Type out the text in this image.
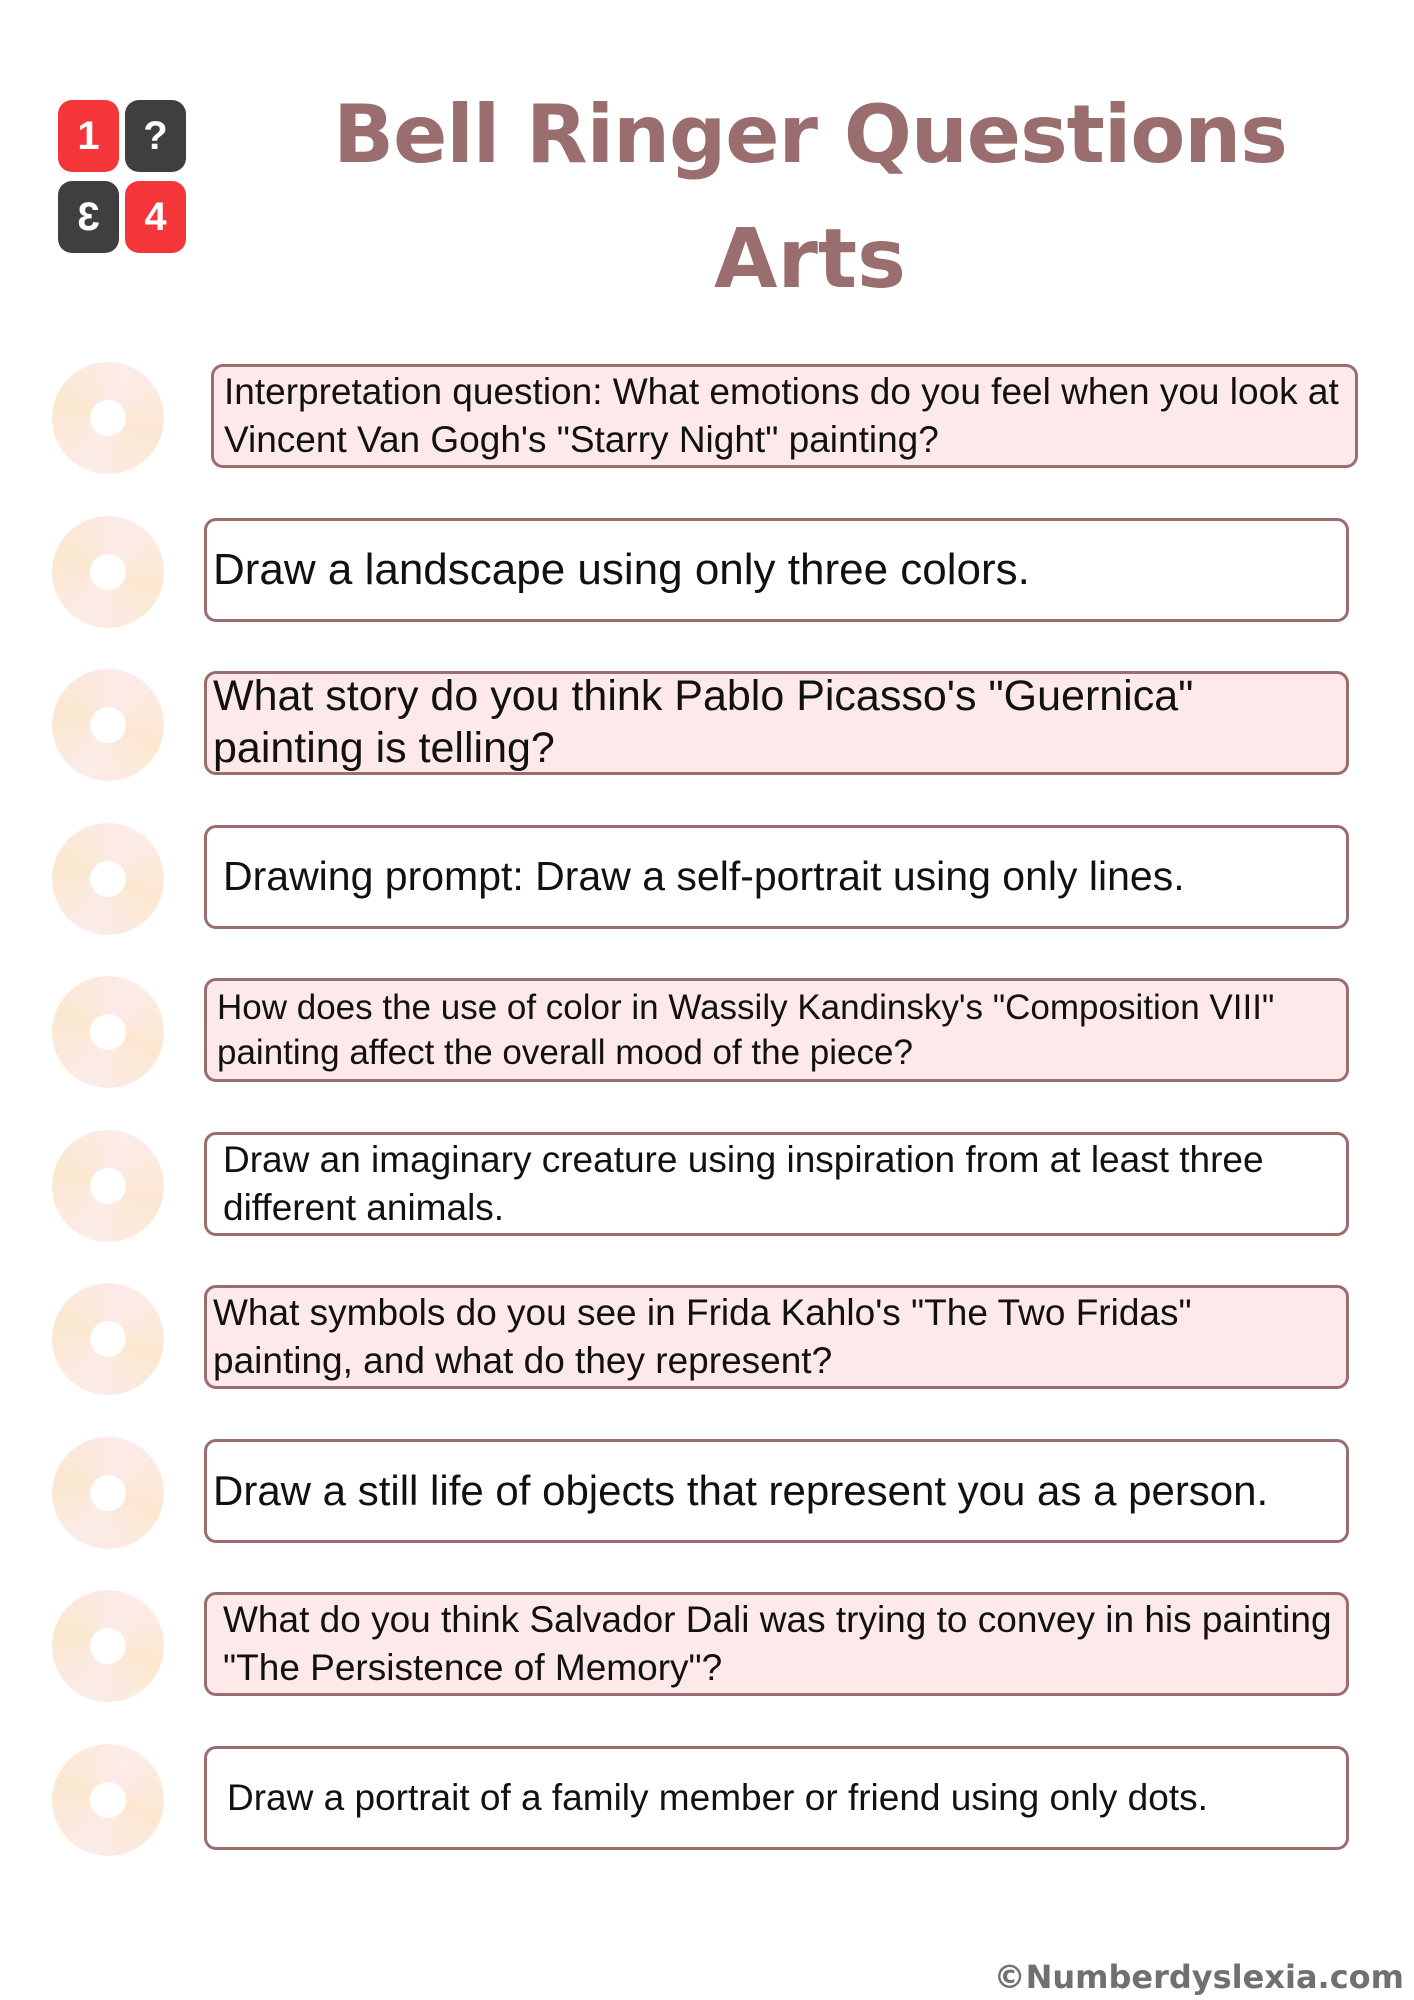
1	?
3	4
Bell Ringer Questions
Arts
Interpretation question: What emotions do you feel when you look at Vincent Van Gogh's "Starry Night" painting?
Draw a landscape using only three colors.
What story do you think Pablo Picasso's "Guernica" painting is telling?
Drawing prompt: Draw a self-portrait using only lines.
How does the use of color in Wassily Kandinsky's "Composition VIII" painting affect the overall mood of the piece?
Draw an imaginary creature using inspiration from at least three different animals.
What symbols do you see in Frida Kahlo's "The Two Fridas" painting, and what do they represent?
Draw a still life of objects that represent you as a person.
What do you think Salvador Dali was trying to convey in his painting "The Persistence of Memory"?
Draw a portrait of a family member or friend using only dots.
©Numberdyslexia.com
